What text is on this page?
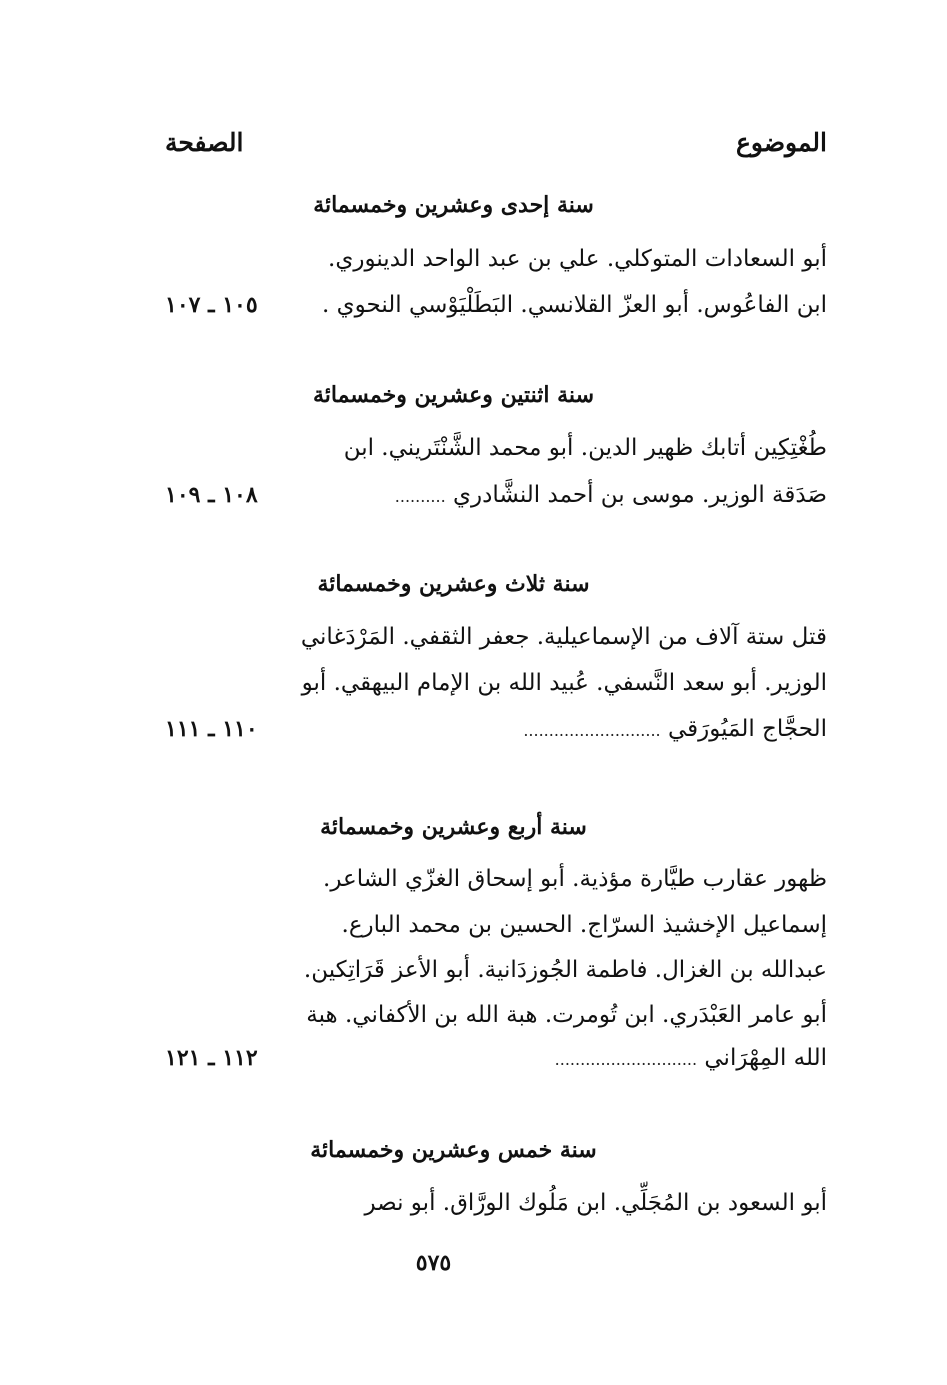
الموضوع
الصفحة
سنة إحدى وعشرين وخمسمائة
أبو السعادات المتوكلي. علي بن عبد الواحد الدينوري.
ابن الفاعُوس. أبو العزّ القلانسي. البَطَلْيَوْسي النحوي .
١٠٥ ـ ١٠٧
سنة اثنتين وعشرين وخمسمائة
طُغْتِكِين أتابك ظهير الدين. أبو محمد الشَّنْتَريني. ابن
صَدَقة الوزير. موسى بن أحمد النشَّادري ..........
١٠٨ ـ ١٠٩
سنة ثلاث وعشرين وخمسمائة
قتل ستة آلاف من الإسماعيلية. جعفر الثقفي. المَرْدَغاني
الوزير. أبو سعد النَّسفي. عُبيد الله بن الإمام البيهقي. أبو
الحجَّاج المَيُورَقي ...........................
١١٠ ـ ١١١
سنة أربع وعشرين وخمسمائة
ظهور عقارب طيَّارة مؤذية. أبو إسحاق الغزّي الشاعر.
إسماعيل الإخشيذ السرّاج. الحسين بن محمد البارع.
عبدالله بن الغزال. فاطمة الجُوزدَانية. أبو الأعز قَرَاتِكين.
أبو عامر العَبْدَري. ابن تُومرت. هبة الله بن الأكفاني. هبة
الله المِهْرَاني ............................
١١٢ ـ ١٢١
سنة خمس وعشرين وخمسمائة
أبو السعود بن المُجَلِّي. ابن مَلُوك الورَّاق. أبو نصر
٥٧٥
